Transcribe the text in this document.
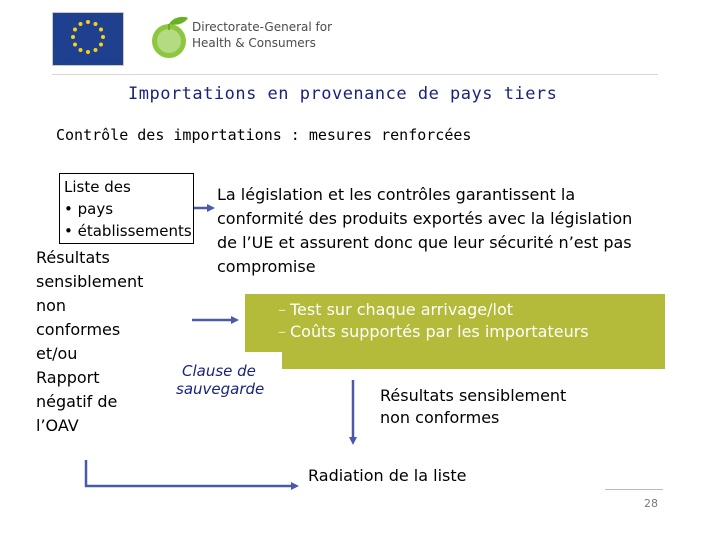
EUROPEAN COMMISSION
Directorate-General for
Health & Consumers
Importations en provenance de pays tiers
Contrôle des importations : mesures renforcées
Liste des
• pays
• établissements
La législation et les contrôles garantissent la conformité des produits exportés avec la législation de l’UE et assurent donc que leur sécurité n’est pas compromise
Résultats
sensiblement
non
conformes
et/ou
Rapport
négatif de
l’OAV
– Test sur chaque arrivage/lot
– Coûts supportés par les importateurs
Clause de
sauvegarde	Résultats sensiblement
non conformes
Radiation de la liste
28
